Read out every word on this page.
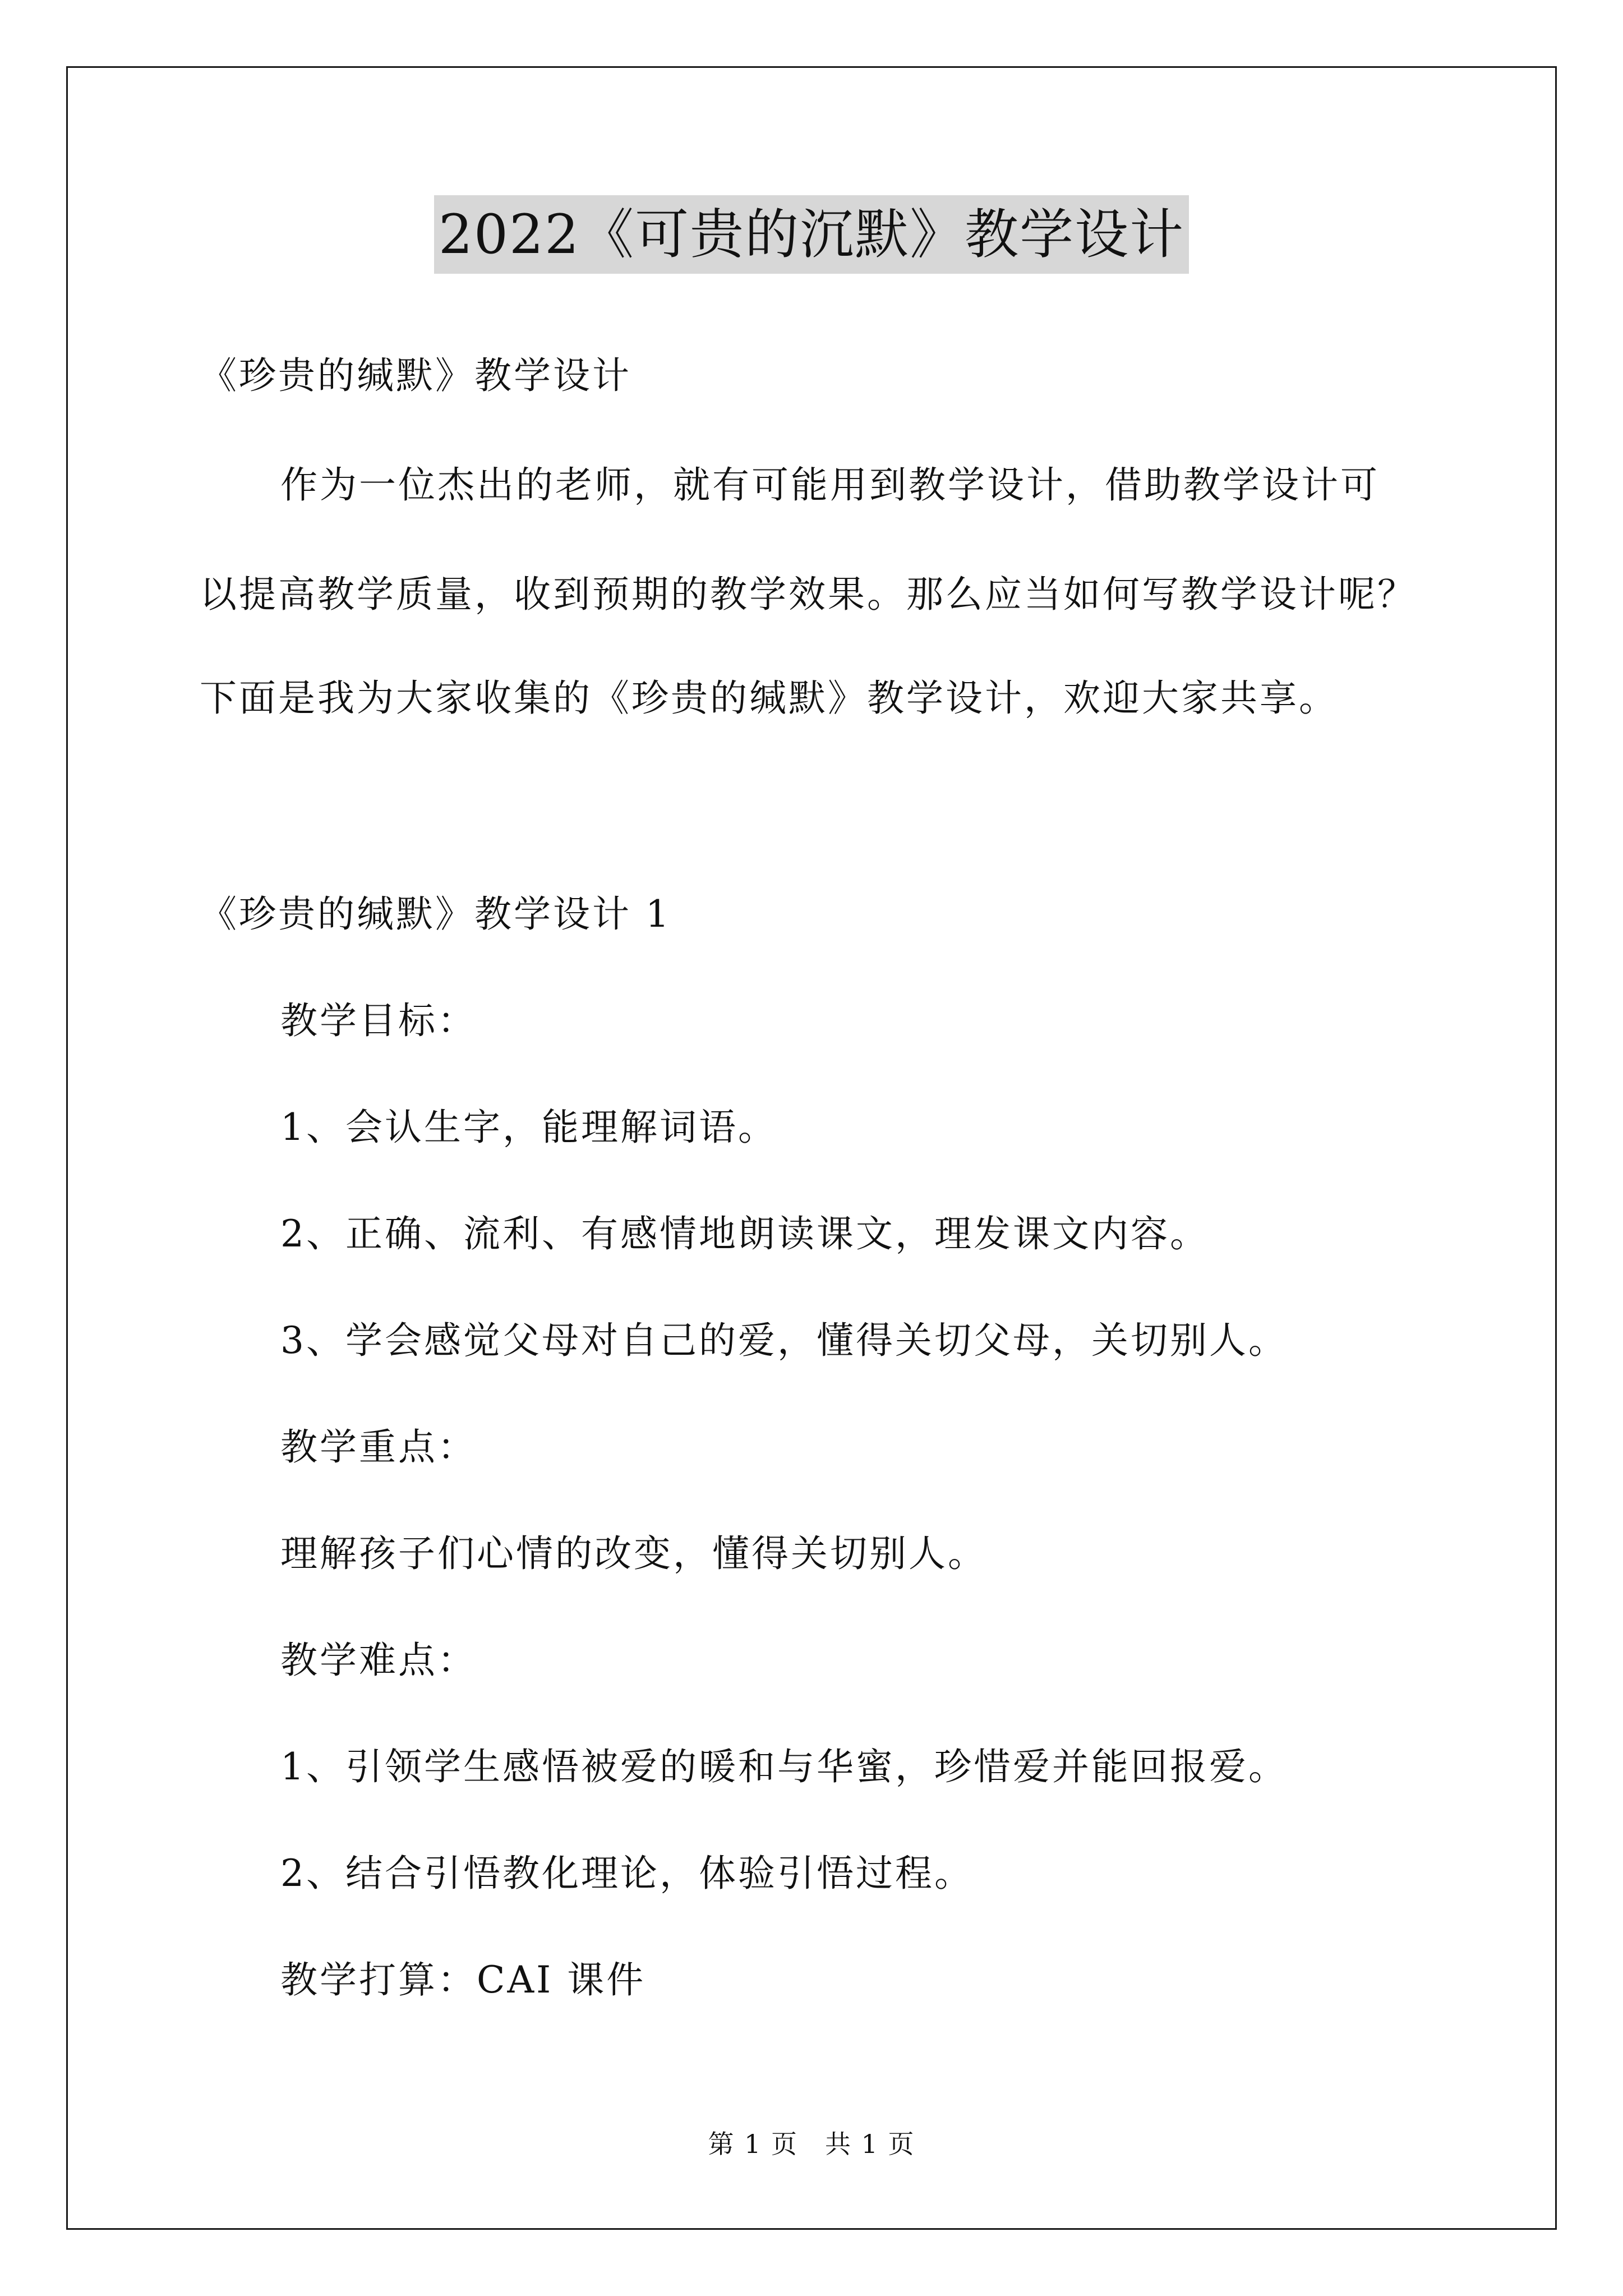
2022《可贵的沉默》教学设计
《珍贵的缄默》教学设计
作为一位杰出的老师，就有可能用到教学设计，借助教学设计可
以提高教学质量，收到预期的教学效果。那么应当如何写教学设计呢？
下面是我为大家收集的《珍贵的缄默》教学设计，欢迎大家共享。
《珍贵的缄默》教学设计 1
教学目标：
1、会认生字，能理解词语。
2、正确、流利、有感情地朗读课文，理发课文内容。
3、学会感觉父母对自己的爱，懂得关切父母，关切别人。
教学重点：
理解孩子们心情的改变，懂得关切别人。
教学难点：
1、引领学生感悟被爱的暖和与华蜜，珍惜爱并能回报爱。
2、结合引悟教化理论，体验引悟过程。
教学打算：CAI 课件
第 1 页　共 1 页
